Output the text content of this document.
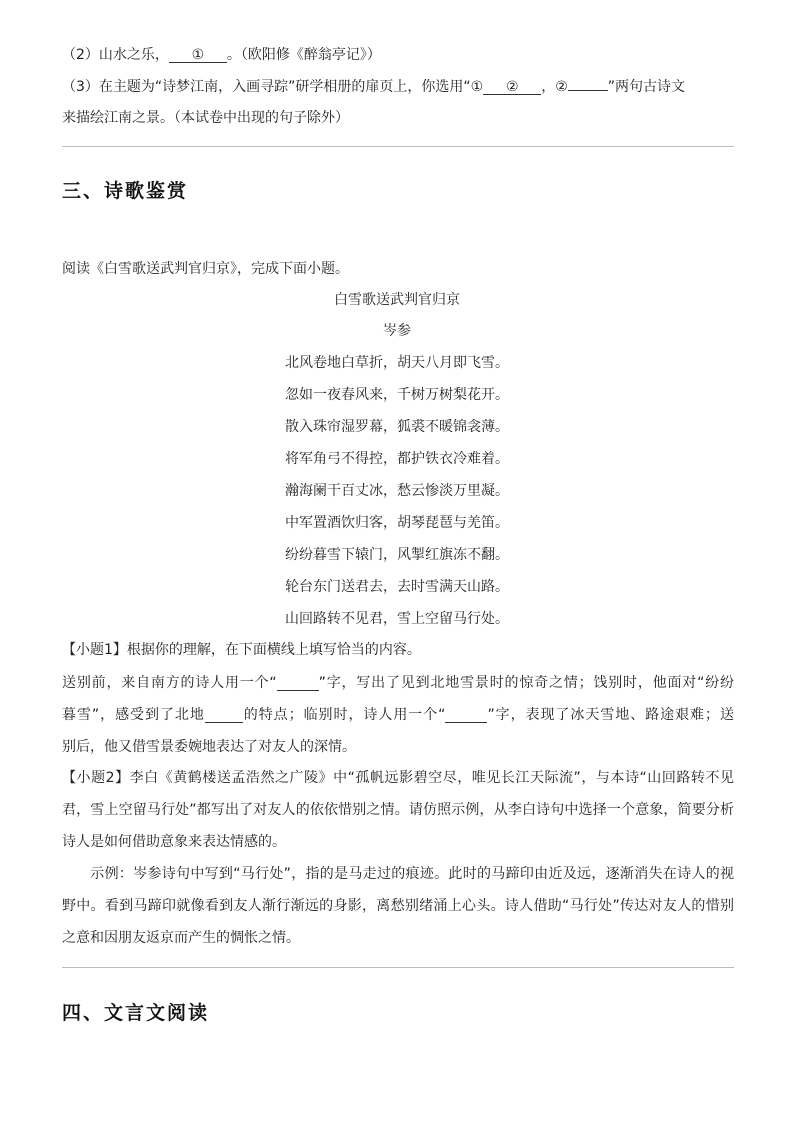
（2）山水之乐， ① 。（欧阳修《醉翁亭记》）
（3）在主题为“诗梦江南，入画寻踪”研学相册的扉页上，你选用“① ② ，②	”两句古诗文
来描绘江南之景。（本试卷中出现的句子除外）
三、诗歌鉴赏
阅读《白雪歌送武判官归京》，完成下面小题。
白雪歌送武判官归京
岑参
北风卷地白草折，胡天八月即飞雪。
忽如一夜春风来，千树万树梨花开。
散入珠帘湿罗幕，狐裘不暖锦衾薄。
将军角弓不得控，都护铁衣冷难着。
瀚海阑干百丈冰，愁云惨淡万里凝。
中军置酒饮归客，胡琴琵琶与羌笛。
纷纷暮雪下辕门，风掣红旗冻不翻。
轮台东门送君去，去时雪满天山路。
山回路转不见君，雪上空留马行处。
【小题1】根据你的理解，在下面横线上填写恰当的内容。
送别前，来自南方的诗人用一个“	”字，写出了见到北地雪景时的惊奇之情；饯别时，他面对“纷纷
暮雪”，感受到了北地	的特点；临别时，诗人用一个“	”字，表现了冰天雪地、路途艰难；送
别后，他又借雪景委婉地表达了对友人的深情。
【小题2】李白《黄鹤楼送孟浩然之广陵》中“孤帆远影碧空尽，唯见长江天际流”，与本诗“山回路转不见
君，雪上空留马行处”都写出了对友人的依依惜别之情。请仿照示例，从李白诗句中选择一个意象，简要分析
诗人是如何借助意象来表达情感的。
示例：岑参诗句中写到“马行处”，指的是马走过的痕迹。此时的马蹄印由近及远，逐渐消失在诗人的视
野中。看到马蹄印就像看到友人渐行渐远的身影，离愁别绪涌上心头。诗人借助“马行处”传达对友人的惜别
之意和因朋友返京而产生的惆怅之情。
四、文言文阅读
